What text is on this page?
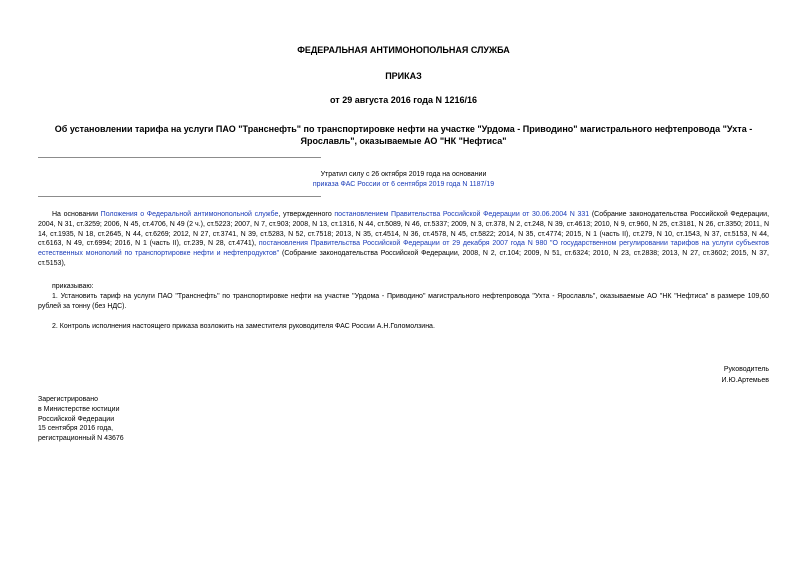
ФЕДЕРАЛЬНАЯ АНТИМОНОПОЛЬНАЯ СЛУЖБА
ПРИКАЗ
от 29 августа 2016 года N 1216/16
Об установлении тарифа на услуги ПАО "Транснефть" по транспортировке нефти на участке "Урдома - Приводино" магистрального нефтепровода "Ухта - Ярославль", оказываемые АО "НК "Нефтиса"
Утратил силу с 26 октября 2019 года на основании
приказа ФАС России от 6 сентября 2019 года N 1187/19
На основании Положения о Федеральной антимонопольной службе, утвержденного постановлением Правительства Российской Федерации от 30.06.2004 N 331 (Собрание законодательства Российской Федерации, 2004, N 31, ст.3259; 2006, N 45, ст.4706, N 49 (2 ч.), ст.5223; 2007, N 7, ст.903; 2008, N 13, ст.1316, N 44, ст.5089, N 46, ст.5337; 2009, N 3, ст.378, N 2, ст.248, N 39, ст.4613; 2010, N 9, ст.960, N 25, ст.3181, N 26, ст.3350; 2011, N 14, ст.1935, N 18, ст.2645, N 44, ст.6269; 2012, N 27, ст.3741, N 39, ст.5283, N 52, ст.7518; 2013, N 35, ст.4514, N 36, ст.4578, N 45, ст.5822; 2014, N 35, ст.4774; 2015, N 1 (часть II), ст.279, N 10, ст.1543, N 37, ст.5153, N 44, ст.6163, N 49, ст.6994; 2016, N 1 (часть II), ст.239, N 28, ст.4741), постановления Правительства Российской Федерации от 29 декабря 2007 года N 980 "О государственном регулировании тарифов на услуги субъектов естественных монополий по транспортировке нефти и нефтепродуктов" (Собрание законодательства Российской Федерации, 2008, N 2, ст.104; 2009, N 51, ст.6324; 2010, N 23, ст.2838; 2013, N 27, ст.3602; 2015, N 37, ст.5153),
приказываю:
1. Установить тариф на услуги ПАО "Транснефть" по транспортировке нефти на участке "Урдома - Приводино" магистрального нефтепровода "Ухта - Ярославль", оказываемые АО "НК "Нефтиса" в размере 109,60 рублей за тонну (без НДС).
2. Контроль исполнения настоящего приказа возложить на заместителя руководителя ФАС России А.Н.Голомолзина.
Руководитель
И.Ю.Артемьев
Зарегистрировано
в Министерстве юстиции
Российской Федерации
15 сентября 2016 года,
регистрационный N 43676
